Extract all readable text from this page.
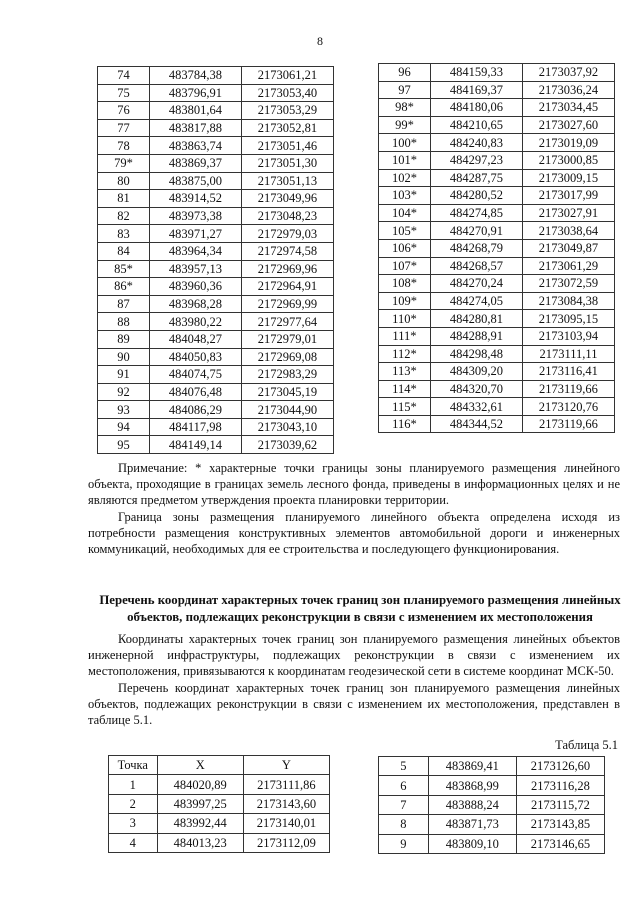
8
74	483784,38	2173061,21
75	483796,91	2173053,40
76	483801,64	2173053,29
77	483817,88	2173052,81
78	483863,74	2173051,46
79*	483869,37	2173051,30
80	483875,00	2173051,13
81	483914,52	2173049,96
82	483973,38	2173048,23
83	483971,27	2172979,03
84	483964,34	2172974,58
85*	483957,13	2172969,96
86*	483960,36	2172964,91
87	483968,28	2172969,99
88	483980,22	2172977,64
89	484048,27	2172979,01
90	484050,83	2172969,08
91	484074,75	2172983,29
92	484076,48	2173045,19
93	484086,29	2173044,90
94	484117,98	2173043,10
95	484149,14	2173039,62
96	484159,33	2173037,92
97	484169,37	2173036,24
98*	484180,06	2173034,45
99*	484210,65	2173027,60
100*	484240,83	2173019,09
101*	484297,23	2173000,85
102*	484287,75	2173009,15
103*	484280,52	2173017,99
104*	484274,85	2173027,91
105*	484270,91	2173038,64
106*	484268,79	2173049,87
107*	484268,57	2173061,29
108*	484270,24	2173072,59
109*	484274,05	2173084,38
110*	484280,81	2173095,15
111*	484288,91	2173103,94
112*	484298,48	2173111,11
113*	484309,20	2173116,41
114*	484320,70	2173119,66
115*	484332,61	2173120,76
116*	484344,52	2173119,66

Примечание: * характерные точки границы зоны планируемого размещения линейного объекта, проходящие в границах земель лесного фонда, приведены в информационных целях и не являются предметом утверждения проекта планировки территории.

Граница зоны размещения планируемого линейного объекта определена исходя из потребности размещения конструктивных элементов автомобильной дороги и инженерных коммуникаций, необходимых для ее строительства и последующего функционирования.

Перечень координат характерных точек границ зон планируемого размещения линейных объектов, подлежащих реконструкции в связи с изменением их местоположения

Координаты характерных точек границ зон планируемого размещения линейных объектов инженерной инфраструктуры, подлежащих реконструкции в связи с изменением их местоположения, привязываются к координатам геодезической сети в системе координат МСК-50.

Перечень координат характерных точек границ зон планируемого размещения линейных объектов, подлежащих реконструкции в связи с изменением их местоположения, представлен в таблице 5.1.

Таблица 5.1
Точка	X	Y
1	484020,89	2173111,86
2	483997,25	2173143,60
3	483992,44	2173140,01
4	484013,23	2173112,09
5	483869,41	2173126,60
6	483868,99	2173116,28
7	483888,24	2173115,72
8	483871,73	2173143,85
9	483809,10	2173146,65
